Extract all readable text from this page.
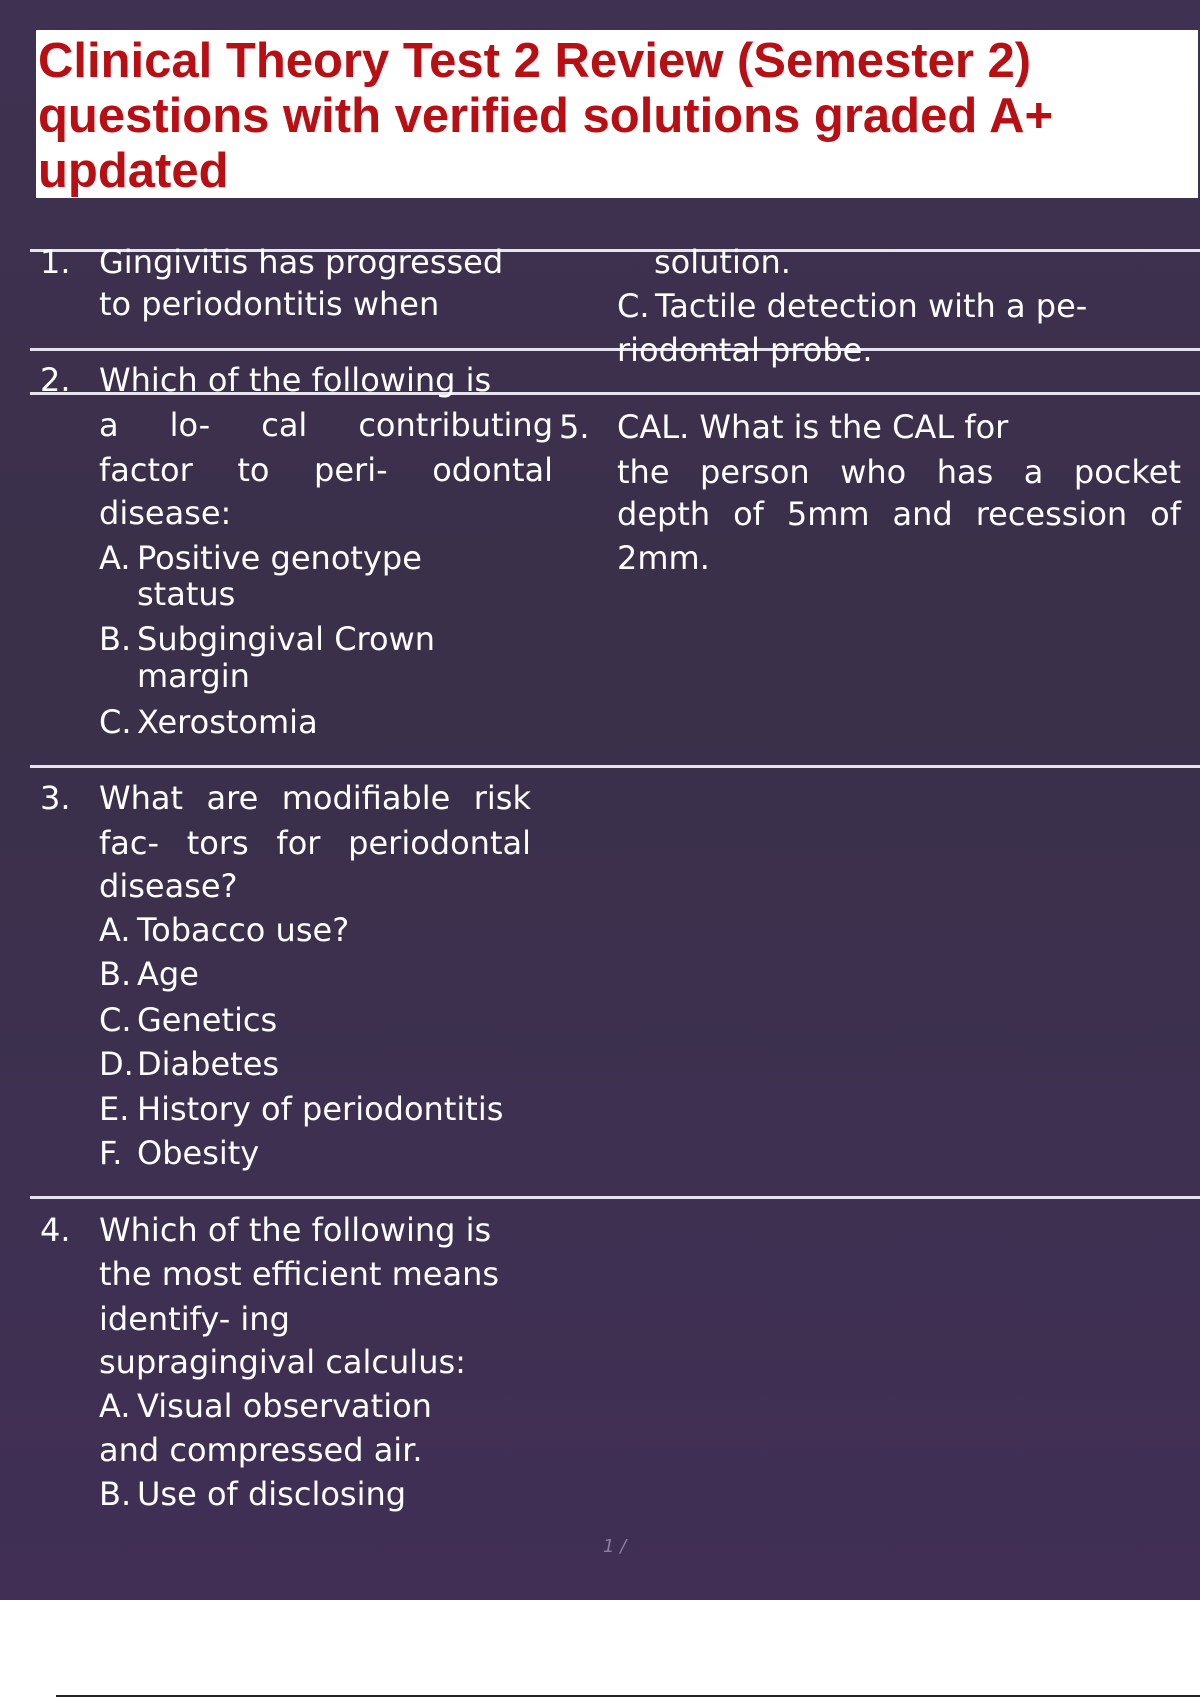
Clinical Theory Test 2 Review (Semester 2)
questions with verified solutions graded A+
updated
1. Gingivitis has progressed
to periodontitis when
2. Which of the following is
a lo- cal contributing
factor to peri- odontal
disease:
A. Positive genotype
status
B. Subgingival Crown
margin
C. Xerostomia
3. What are modifiable risk
fac- tors for periodontal
disease?
A. Tobacco use?
B. Age
C. Genetics
D.Diabetes
E. History of periodontitis
F. Obesity
4. Which of the following is
the most efficient means
identify- ing
supragingival calculus:
A. Visual observation
and compressed air.
B. Use of disclosing
solution.
C. Tactile detection with a pe-
riodontal probe.
5. CAL. What is the CAL for
the person who has a pocket
depth of 5mm and recession of
2mm.
1 /
